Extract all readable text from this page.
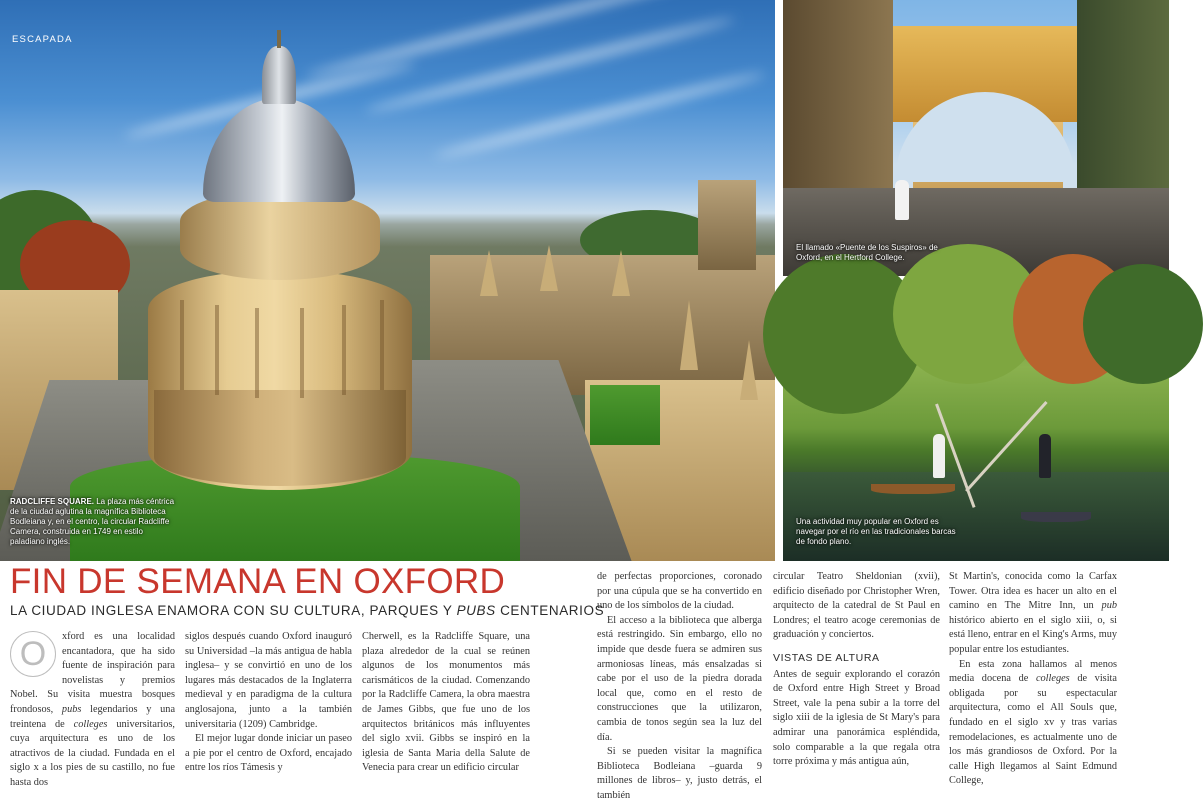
ESCAPADA
RADCLIFFE SQUARE. La plaza más céntrica de la ciudad aglutina la magnífica Biblioteca Bodleiana y, en el centro, la circular Radcliffe Camera, construida en 1749 en estilo paladiano inglés.
El llamado «Puente de los Suspiros» de Oxford, en el Hertford College.
Una actividad muy popular en Oxford es navegar por el río en las tradicionales barcas de fondo plano.
FIN DE SEMANA EN OXFORD
LA CIUDAD INGLESA ENAMORA CON SU CULTURA, PARQUES Y PUBS CENTENARIOS
O	xford es una localidad encantadora, que ha sido fuente de inspiración para novelistas y premios Nobel. Su visita muestra bosques frondosos, pubs legendarios y una treintena de colleges universitarios, cuya arquitectura es uno de los atractivos de la ciudad. Fundada en el siglo x a los pies de su castillo, no fue hasta dos

siglos después cuando Oxford inauguró su Universidad –la más antigua de habla inglesa– y se convirtió en uno de los lugares más destacados de la Inglaterra medieval y en paradigma de la cultura anglosajona, junto a la también universitaria (1209) Cambridge.

El mejor lugar donde iniciar un paseo a pie por el centro de Oxford, encajado entre los ríos Támesis y

Cherwell, es la Radcliffe Square, una plaza alrededor de la cual se reúnen algunos de los monumentos más carismáticos de la ciudad. Comenzando por la Radcliffe Camera, la obra maestra de James Gibbs, que fue uno de los arquitectos británicos más influyentes del siglo xvii. Gibbs se inspiró en la iglesia de Santa Maria della Salute de Venecia para crear un edificio circular

de perfectas proporciones, coronado por una cúpula que se ha convertido en uno de los símbolos de la ciudad.

El acceso a la biblioteca que alberga está restringido. Sin embargo, ello no impide que desde fuera se admiren sus armoniosas líneas, más ensalzadas si cabe por el uso de la piedra dorada local que, como en el resto de construcciones que la utilizaron, cambia de tonos según sea la luz del día.

Si se pueden visitar la magnífica Biblioteca Bodleiana –guarda 9 millones de libros– y, justo detrás, el también

circular Teatro Sheldonian (xvii), edificio diseñado por Christopher Wren, arquitecto de la catedral de St Paul en Londres; el teatro acoge ceremonias de graduación y conciertos.

VISTAS DE ALTURA

Antes de seguir explorando el corazón de Oxford entre High Street y Broad Street, vale la pena subir a la torre del siglo xiii de la iglesia de St Mary's para admirar una panorámica espléndida, solo comparable a la que regala otra torre próxima y más antigua aún,

St Martin's, conocida como la Carfax Tower. Otra idea es hacer un alto en el camino en The Mitre Inn, un pub histórico abierto en el siglo xiii, o, si está lleno, entrar en el King's Arms, muy popular entre los estudiantes.

En esta zona hallamos al menos media docena de colleges de visita obligada por su espectacular arquitectura, como el All Souls que, fundado en el siglo xv y tras varias remodelaciones, es actualmente uno de los más grandiosos de Oxford. Por la calle High llegamos al Saint Edmund College,
